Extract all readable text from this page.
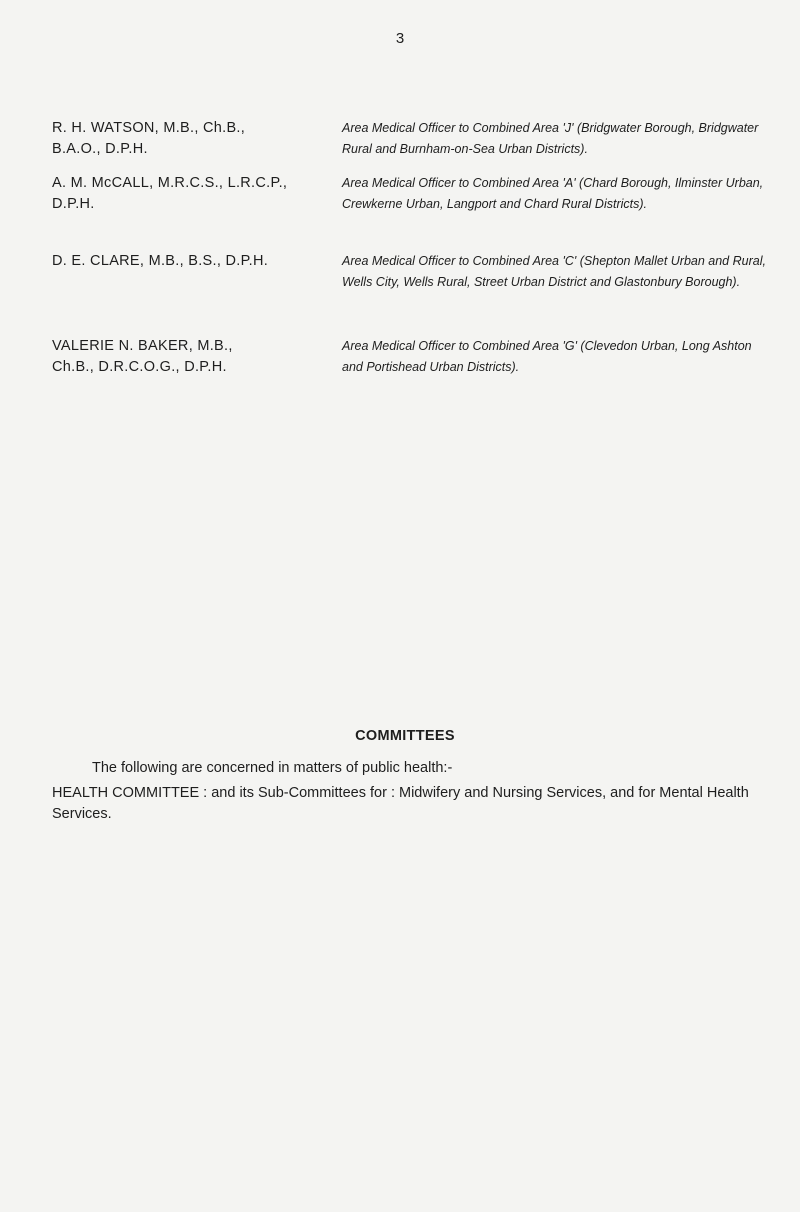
3
R. H. WATSON, M.B., Ch.B.,
B.A.O., D.P.H.
Area Medical Officer to Combined Area 'J' (Bridgwater Borough, Bridgwater Rural and Burnham-on-Sea Urban Districts).
A. M. McCALL, M.R.C.S., L.R.C.P.,
D.P.H.
Area Medical Officer to Combined Area 'A' (Chard Borough, Ilminster Urban, Crewkerne Urban, Langport and Chard Rural Districts).
D. E. CLARE, M.B., B.S., D.P.H.	Area Medical Officer to Combined Area 'C' (Shepton Mallet Urban and Rural, Wells City, Wells Rural, Street Urban District and Glastonbury Borough).
VALERIE N. BAKER, M.B.,
Ch.B., D.R.C.O.G., D.P.H.
Area Medical Officer to Combined Area 'G' (Clevedon Urban, Long Ashton and Portishead Urban Districts).
COMMITTEES

The following are concerned in matters of public health:-

HEALTH COMMITTEE : and its Sub-Committees for : Midwifery and Nursing Services, and for Mental Health Services.
